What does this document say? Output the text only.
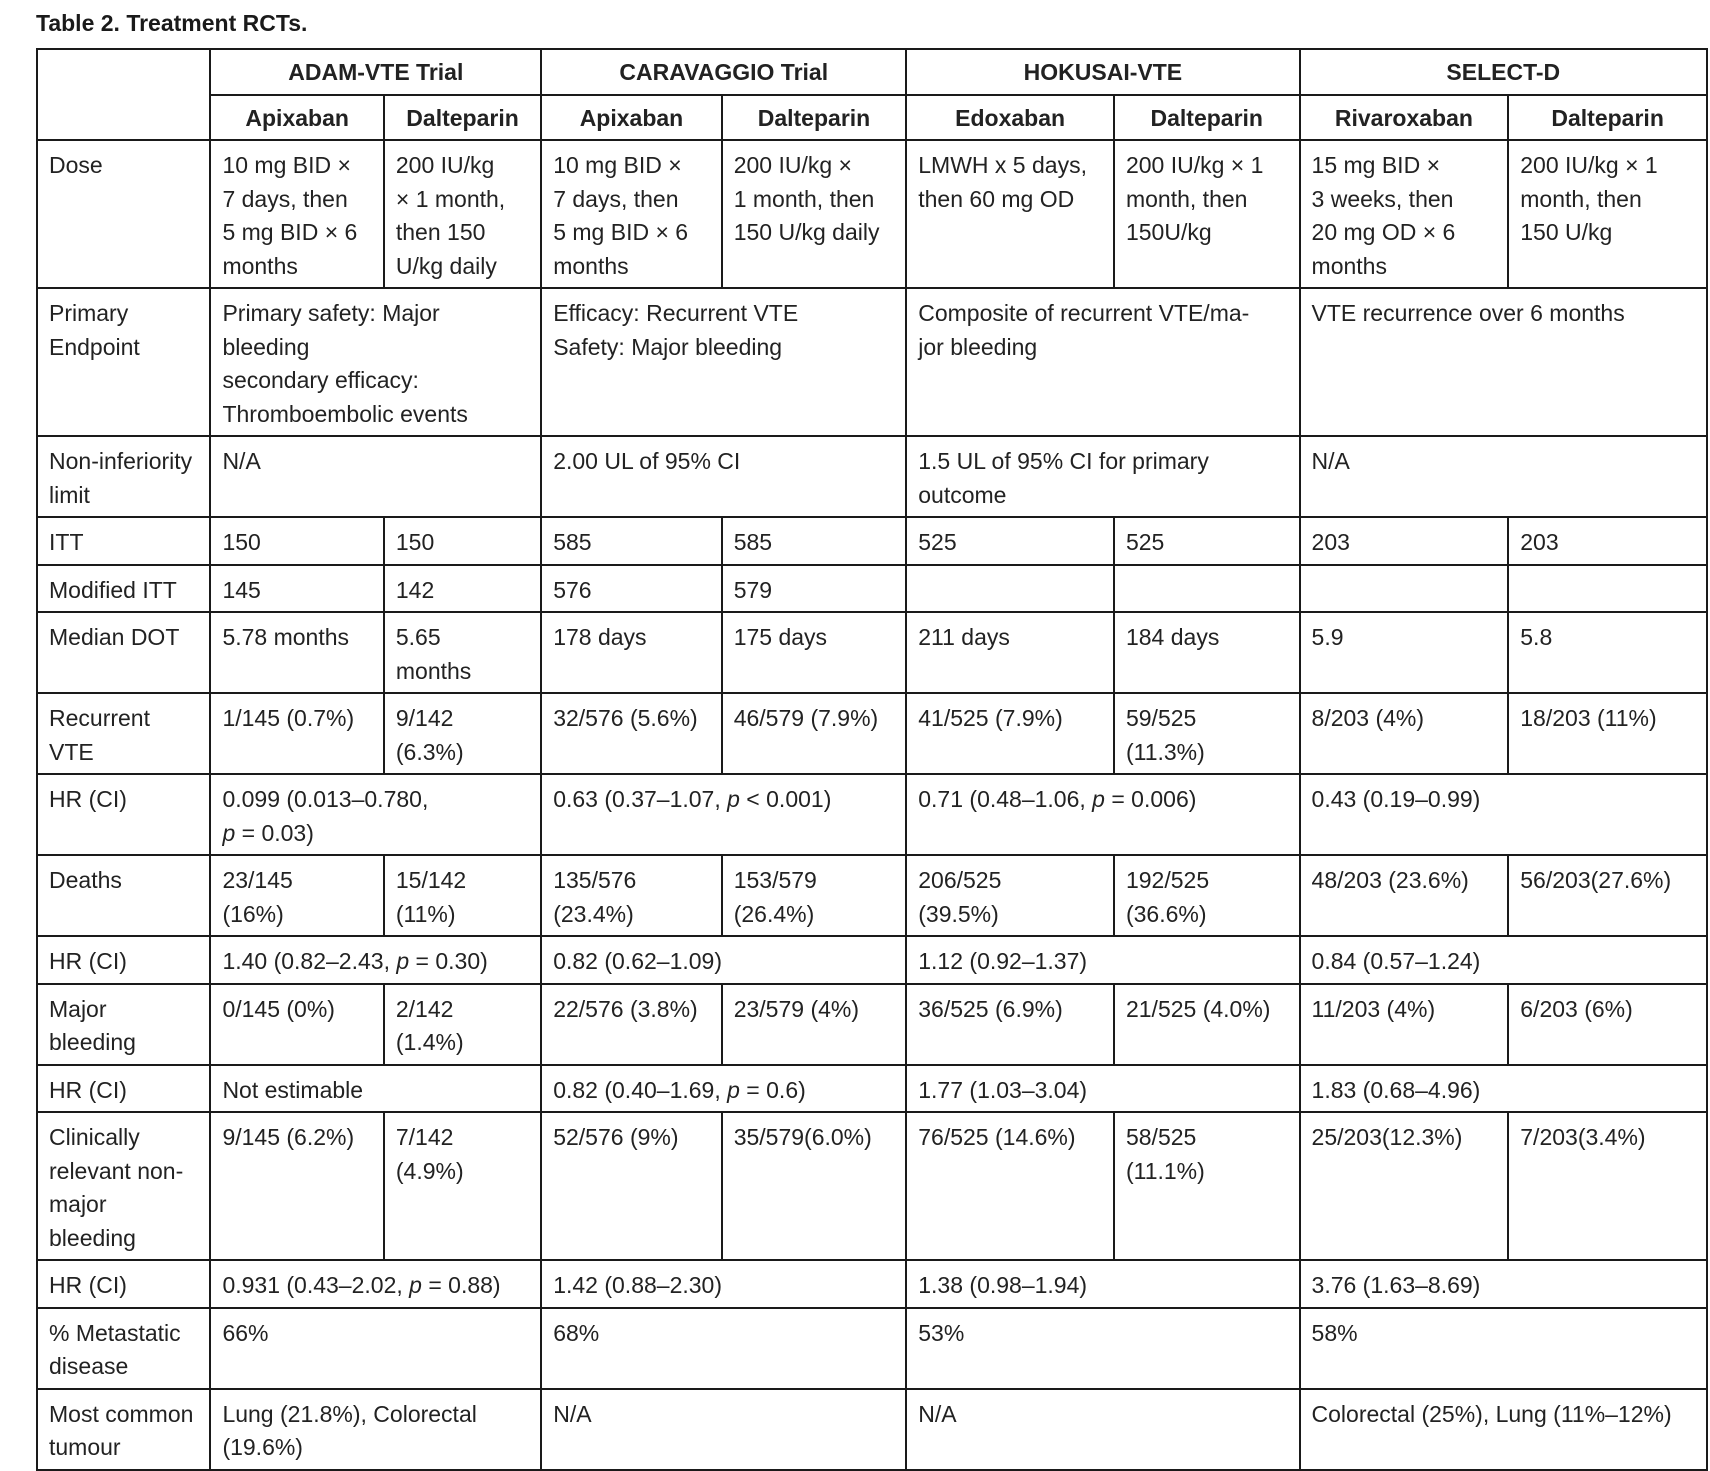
Table 2. Treatment RCTs.
	ADAM-VTE Trial		CARAVAGGIO Trial		HOKUSAI-VTE		SELECT-D	
	Apixaban	Dalteparin	Apixaban	Dalteparin	Edoxaban	Dalteparin	Rivaroxaban	Dalteparin
Dose	10 mg BID ×
7 days, then
5 mg BID × 6
months	200 IU/kg
× 1 month,
then 150
U/kg daily	10 mg BID ×
7 days, then
5 mg BID × 6
months	200 IU/kg ×
1 month, then
150 U/kg daily	LMWH x 5 days,
then 60 mg OD	200 IU/kg × 1
month, then
150U/kg	15 mg BID ×
3 weeks, then
20 mg OD × 6
months	200 IU/kg × 1
month, then
150 U/kg
Primary
Endpoint	Primary safety: Major
bleeding
secondary efficacy:
Thromboembolic events		Efficacy: Recurrent VTE
Safety: Major bleeding		Composite of recurrent VTE/ma-
jor bleeding		VTE recurrence over 6 months	
Non-inferiority
limit	N/A		2.00 UL of 95% CI		1.5 UL of 95% CI for primary
outcome		N/A	
ITT	150	150	585	585	525	525	203	203
Modified ITT	145	142	576	579				
Median DOT	5.78 months	5.65
months	178 days	175 days	211 days	184 days	5.9	5.8
Recurrent VTE	1/145 (0.7%)	9/142
(6.3%)	32/576 (5.6%)	46/579 (7.9%)	41/525 (7.9%)	59/525
(11.3%)	8/203 (4%)	18/203 (11%)
HR (CI)	0.099 (0.013–0.780,
p = 0.03)		0.63 (0.37–1.07, p < 0.001)		0.71 (0.48–1.06, p = 0.006)		0.43 (0.19–0.99)	
Deaths	23/145
(16%)	15/142
(11%)	135/576
(23.4%)	153/579
(26.4%)	206/525
(39.5%)	192/525
(36.6%)	48/203 (23.6%)	56/203(27.6%)
HR (CI)	1.40 (0.82–2.43, p = 0.30)		0.82 (0.62–1.09)		1.12 (0.92–1.37)		0.84 (0.57–1.24)	
Major bleeding	0/145 (0%)	2/142
(1.4%)	22/576 (3.8%)	23/579 (4%)	36/525 (6.9%)	21/525 (4.0%)	11/203 (4%)	6/203 (6%)
HR (CI)	Not estimable		0.82 (0.40–1.69, p = 0.6)		1.77 (1.03–3.04)		1.83 (0.68–4.96)	
Clinically
relevant non-
major bleeding	9/145 (6.2%)	7/142
(4.9%)	52/576 (9%)	35/579(6.0%)	76/525 (14.6%)	58/525
(11.1%)	25/203(12.3%)	7/203(3.4%)
HR (CI)	0.931 (0.43–2.02, p = 0.88)		1.42 (0.88–2.30)		1.38 (0.98–1.94)		3.76 (1.63–8.69)	
% Metastatic
disease	66%		68%		53%		58%	
Most common
tumour	Lung (21.8%), Colorectal
(19.6%)		N/A		N/A		Colorectal (25%), Lung (11%–12%)	
